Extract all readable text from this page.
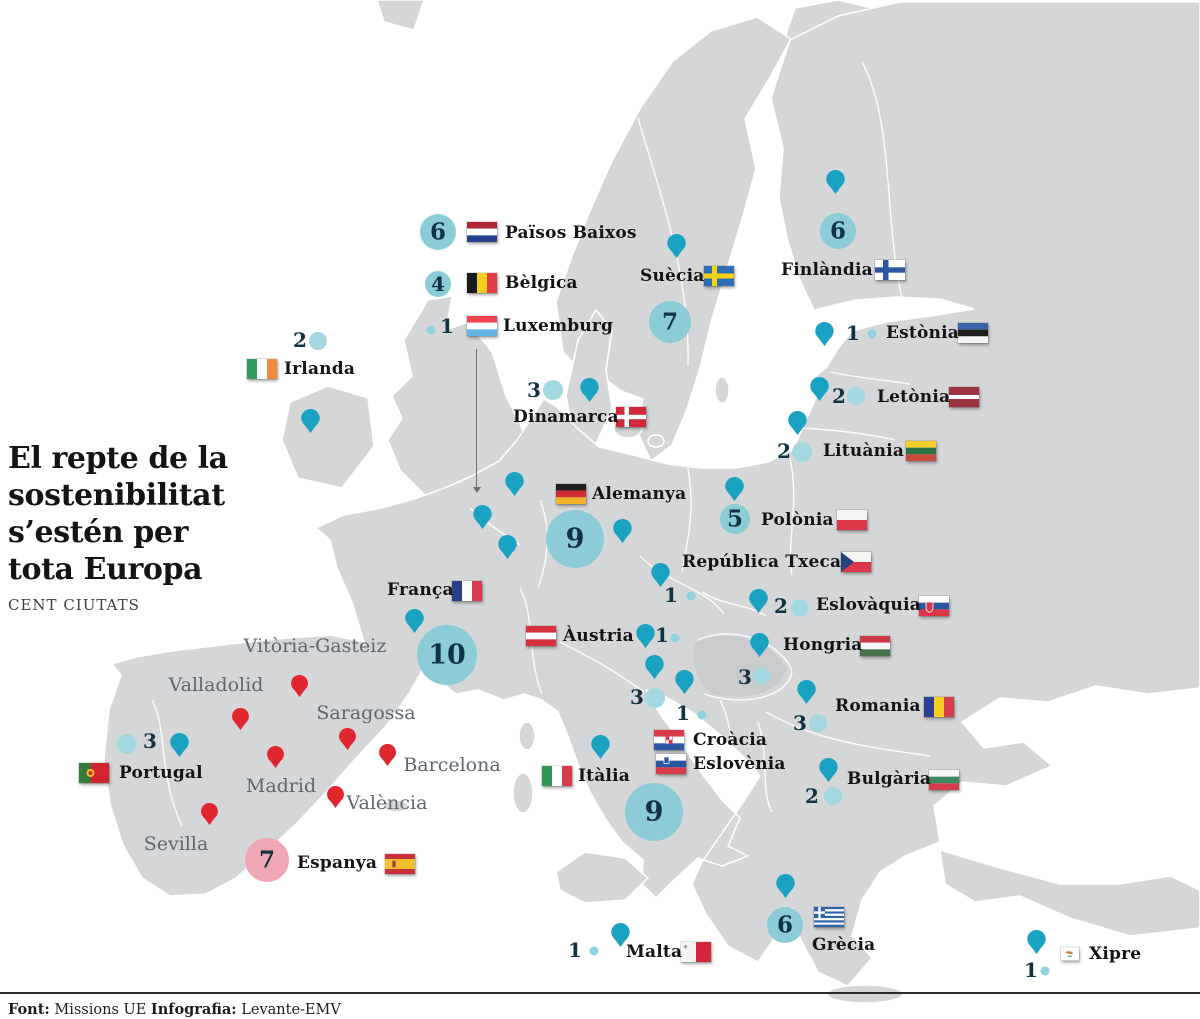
6	Països Baixos
4	Bèlgica
1	Luxemburg
2
Irlanda
7
Suècia
6
Finlàndia
1 Estònia
2 Letònia
2 Lituània
3
Dinamarca
9
Alemanya
5 Polònia
1
República Txeca
2 Eslovàquia
1
Àustria
3
Hongria
10
França
3
Romania
1
Croàcia
3
Eslovènia
9
Itàlia
2
Bulgària
3
Portugal
7 Espanya
6
Grècia
1	Malta
1
Xipre
Vitòria-Gasteiz
Valladolid
Saragossa
Barcelona
Madrid
València
Sevilla
El repte de la
sostenibilitat
s’estén per
tota Europa
CENT CIUTATS
Font: Missions UE Infografia: Levante-EMV
